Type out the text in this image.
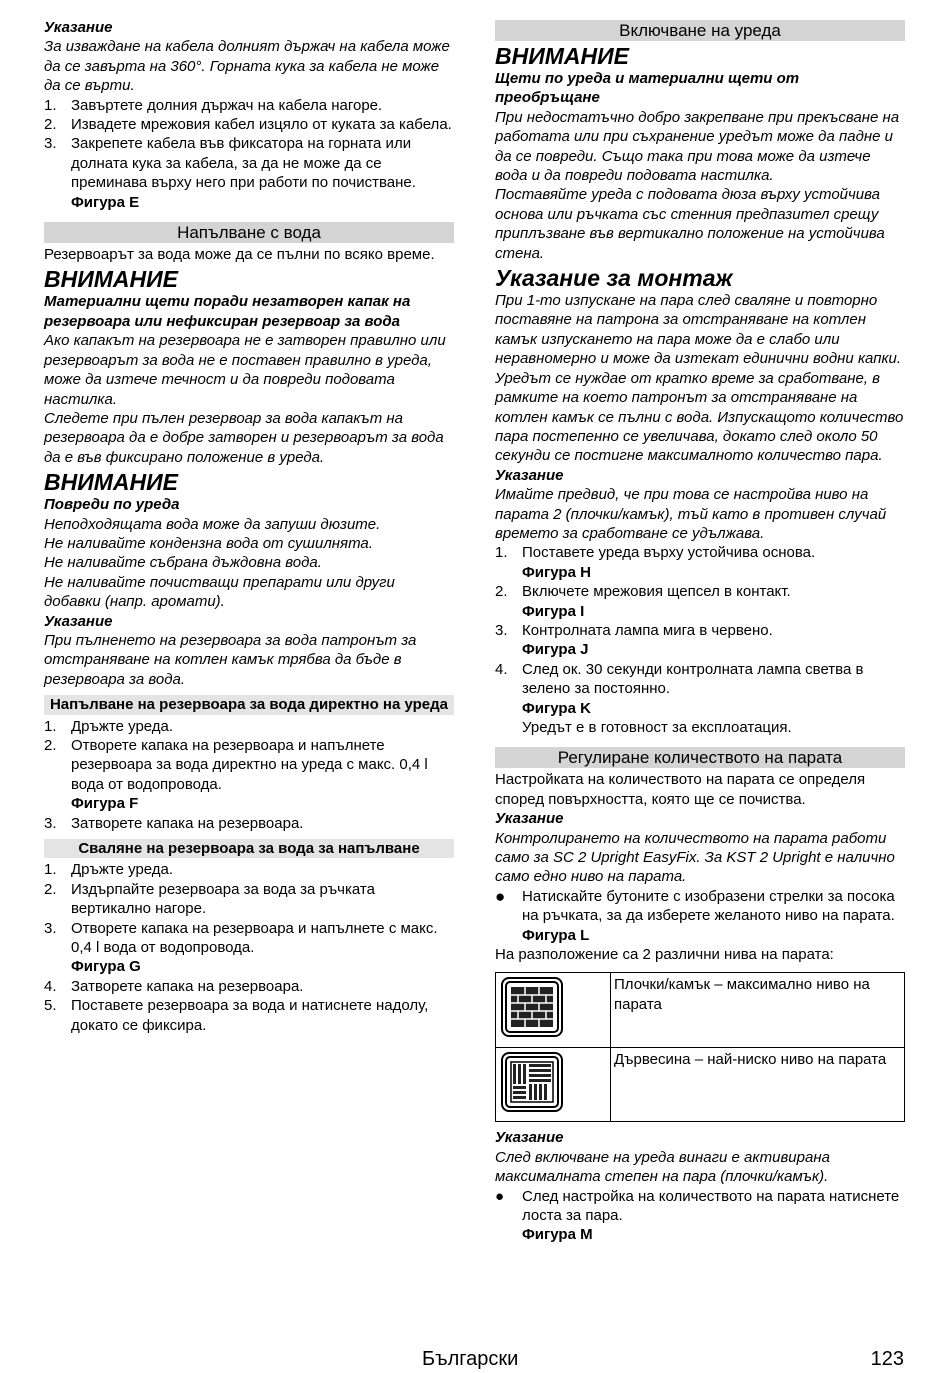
Указание

За изваждане на кабела долният държач на кабела може да се завърта на 360°. Горната кука за кабела не може да се върти.

1. Завъртете долния държач на кабела нагоре.
2. Извадете мрежовия кабел изцяло от куката за кабела.
3. Закрепете кабела във фиксатора на горната или долната кука за кабела, за да не може да се преминава върху него при работи по почистване.
Фигура E
Напълване с вода

Резервоарът за вода може да се пълни по всяко време.

ВНИМАНИЕ

Материални щети поради незатворен капак на резервоара или нефиксиран резервоар за вода

Ако капакът на резервоара не е затворен правилно или резервоарът за вода не е поставен правилно в уреда, може да изтече течност и да повреди подовата настилка.

Следете при пълен резервоар за вода капакът на резервоара да е добре затворен и резервоарът за вода да е във фиксирано положение в уреда.

ВНИМАНИЕ

Повреди по уреда

Неподходящата вода може да запуши дюзите.

Не наливайте кондензна вода от сушилнята.

Не наливайте събрана дъждовна вода.

Не наливайте почистващи препарати или други добавки (напр. аромати).

Указание

При пълненето на резервоара за вода патронът за отстраняване на котлен камък трябва да бъде в резервоара за вода.

Напълване на резервоара за вода директно на уреда
1. Дръжте уреда.
2. Отворете капака на резервоара и напълнете резервоара за вода директно на уреда с макс. 0,4 l вода от водопровода.
Фигура F
3. Затворете капака на резервоара.
Сваляне на резервоара за вода за напълване
1. Дръжте уреда.
2. Издърпайте резервоара за вода за ръчката вертикално нагоре.
3. Отворете капака на резервоара и напълнете с макс. 0,4 l вода от водопровода.
Фигура G
4. Затворете капака на резервоара.
5. Поставете резервоара за вода и натиснете надолу, докато се фиксира.
Включване на уреда

ВНИМАНИЕ

Щети по уреда и материални щети от преобръщане

При недостатъчно добро закрепване при прекъсване на работата или при съхранение уредът може да падне и да се повреди. Също така при това може да изтече вода и да повреди подовата настилка.

Поставяйте уреда с подовата дюза върху устойчива основа или ръчката със стенния предпазител срещу приплъзване във вертикално положение на устойчива стена.

Указание за монтаж

При 1-то изпускане на пара след сваляне и повторно поставяне на патрона за отстраняване на котлен камък изпускането на пара може да е слабо или неравномерно и може да изтекат единични водни капки. Уредът се нуждае от кратко време за сработване, в рамките на което патронът за отстраняване на котлен камък се пълни с вода. Изпускащото количество пара постепенно се увеличава, докато след около 50 секунди се постигне максималното количество пара.

Указание

Имайте предвид, че при това се настройва ниво на парата 2 (плочки/камък), тъй като в противен случай времето за сработване се удължава.

1. Поставете уреда върху устойчива основа.
Фигура H
2. Включете мрежовия щепсел в контакт.
Фигура I
3. Контролната лампа мига в червено.
Фигура J
4. След ок. 30 секунди контролната лампа светва в зелено за постоянно.
Фигура K
Уредът е в готовност за експлоатация.
Регулиране количеството на парата

Настройката на количеството на парата се определя според повърхността, която ще се почиства.

Указание

Контролирането на количеството на парата работи само за SC 2 Upright EasyFix. За KST 2 Upright е налично само едно ниво на парата.

●	Натискайте бутоните с изобразени стрелки за посока на ръчката, за да изберете желаното ниво на парата.
Фигура L

На разположение са 2 различни нива на парата:

	Плочки/камък – максимално ниво на парата
	Дървесина – най-ниско ниво на парата

Указание

След включване на уреда винаги е активирана максималната степен на пара (плочки/камък).

●	След настройка на количеството на парата натиснете лоста за пара.
Фигура M
Български	123
